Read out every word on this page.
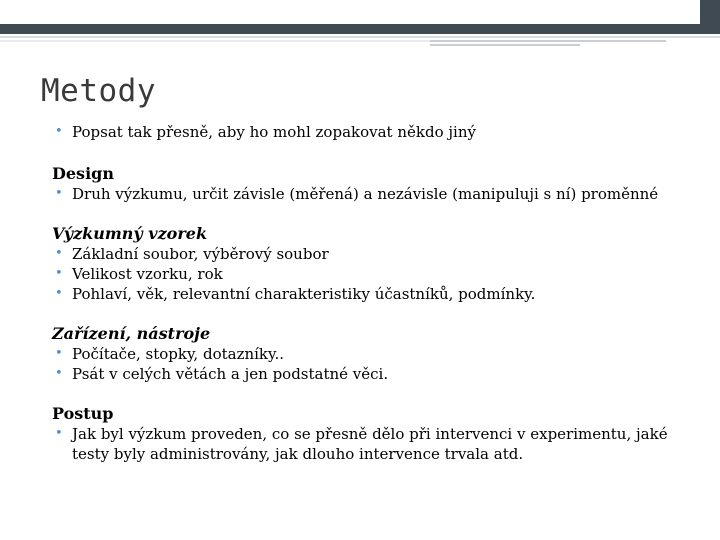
Metody
• Popsat tak přesně, aby ho mohl zopakovat někdo jiný
Design
• Druh výzkumu, určit závisle (měřená) a nezávisle (manipuluji s ní) proměnné
Výzkumný vzorek
• Základní soubor, výběrový soubor
• Velikost vzorku, rok
• Pohlaví, věk, relevantní charakteristiky účastníků, podmínky.
Zařízení, nástroje
• Počítače, stopky, dotazníky..
• Psát v celých větách a jen podstatné věci.
Postup
• Jak byl výzkum proveden, co se přesně dělo při intervenci v experimentu, jaké testy byly administrovány, jak dlouho intervence trvala atd.
